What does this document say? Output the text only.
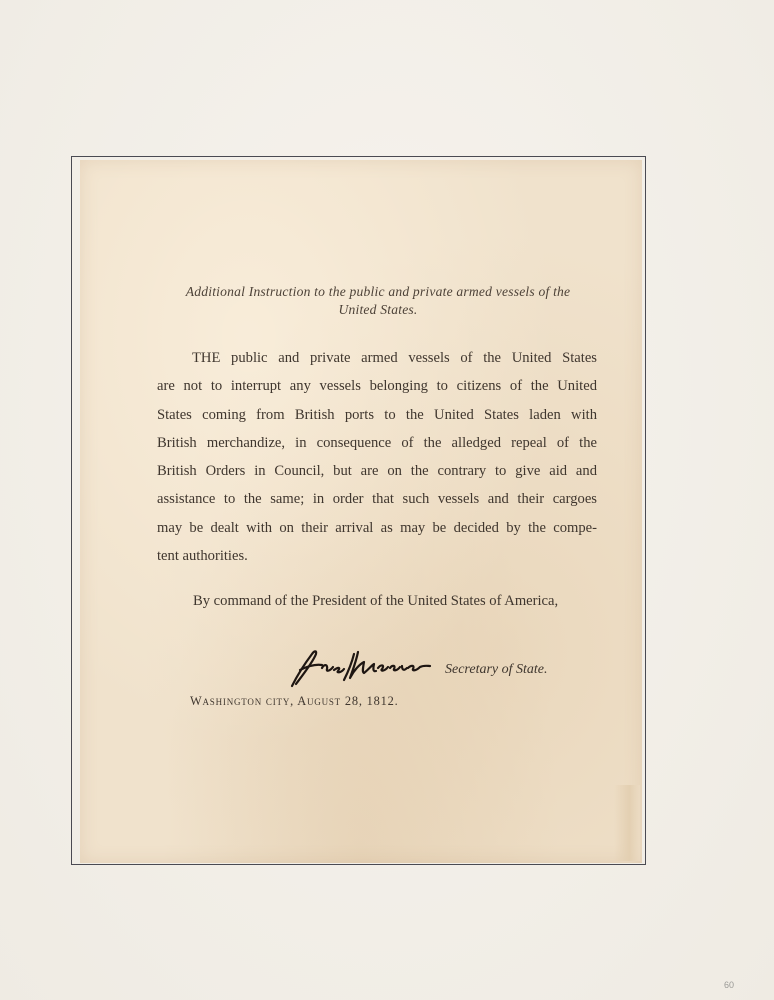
Additional Instruction to the public and private armed vessels of the
United States.
THE public and private armed vessels of the United States
are not to interrupt any vessels belonging to citizens of the United
States coming from British ports to the United States laden with
British merchandize, in consequence of the alledged repeal of the
British Orders in Council, but are on the contrary to give aid and
assistance to the same; in order that such vessels and their cargoes
may be dealt with on their arrival as may be decided by the compe-
tent authorities.
By command of the President of the United States of America,
Secretary of State.
Washington city, August 28, 1812.
60
